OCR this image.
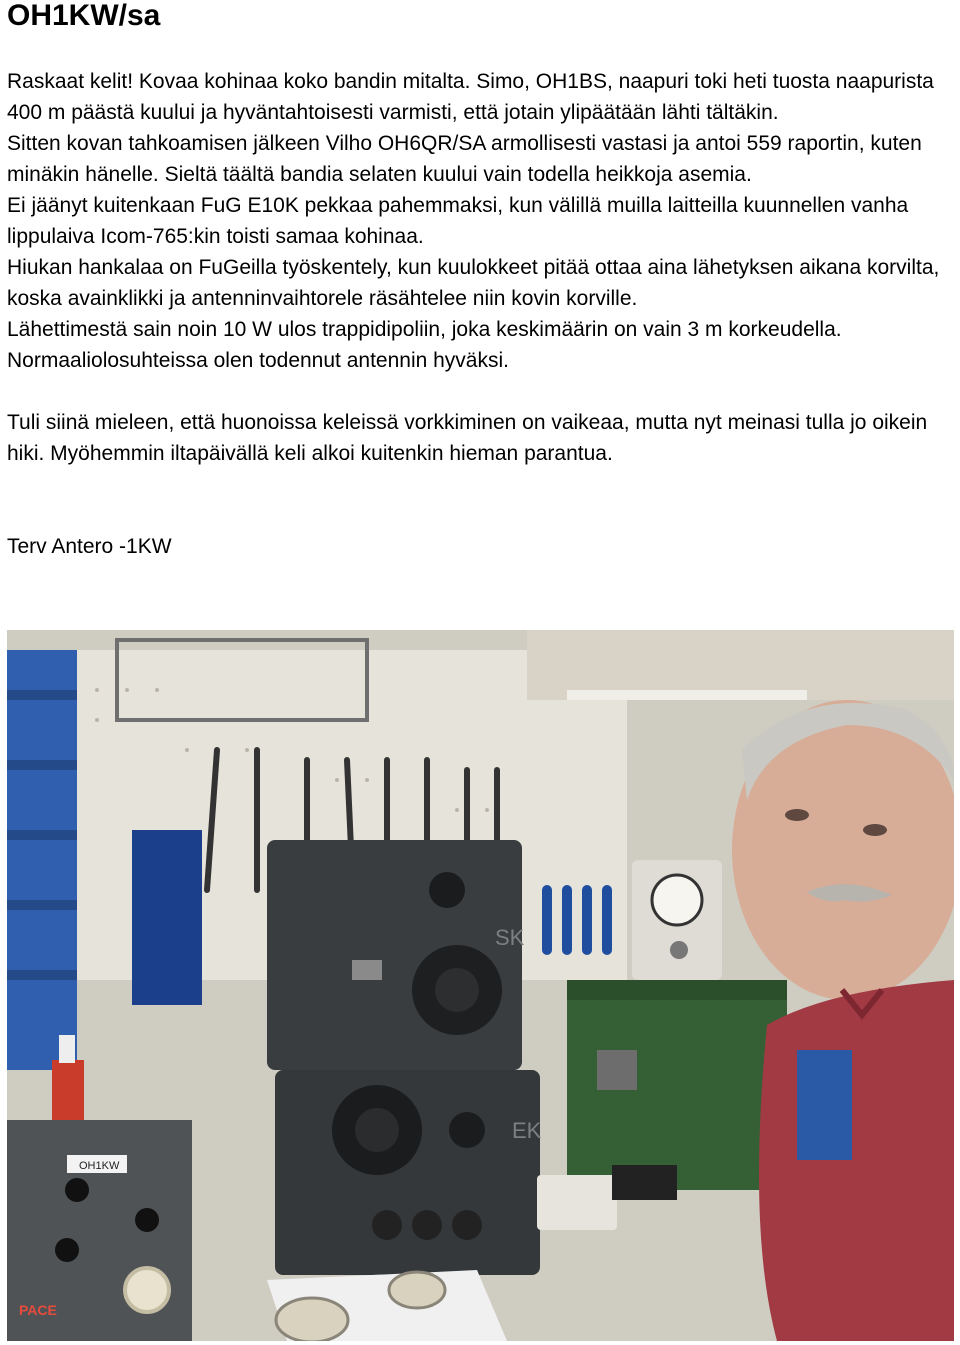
OH1KW/sa

Raskaat kelit! Kovaa kohinaa koko bandin mitalta. Simo, OH1BS, naapuri toki heti tuosta naapurista 400 m päästä kuului ja hyväntahtoisesti varmisti, että jotain ylipäätään lähti tältäkin.

Sitten kovan tahkoamisen jälkeen Vilho OH6QR/SA armollisesti vastasi ja antoi 559 raportin, kuten minäkin hänelle. Sieltä täältä bandia selaten kuului vain todella heikkoja asemia.

Ei jäänyt kuitenkaan FuG E10K pekkaa pahemmaksi, kun välillä muilla laitteilla kuunnellen vanha lippulaiva Icom-765:kin toisti samaa kohinaa.

Hiukan hankalaa on FuGeilla työskentely, kun kuulokkeet pitää ottaa aina lähetyksen aikana korvilta, koska avainklikki ja antenninvaihtorele räsähtelee niin kovin korville.

Lähettimestä sain noin 10 W ulos trappidipoliin, joka keskimäärin on vain 3 m korkeudella.

Normaaliolosuhteissa olen todennut antennin hyväksi.

Tuli siinä mieleen, että huonoissa keleissä vorkkiminen on vaikeaa, mutta nyt meinasi tulla jo oikein hiki. Myöhemmin iltapäivällä keli alkoi kuitenkin hieman parantua.

Terv Antero -1KW

SK
EK
OH1KW
PACE
